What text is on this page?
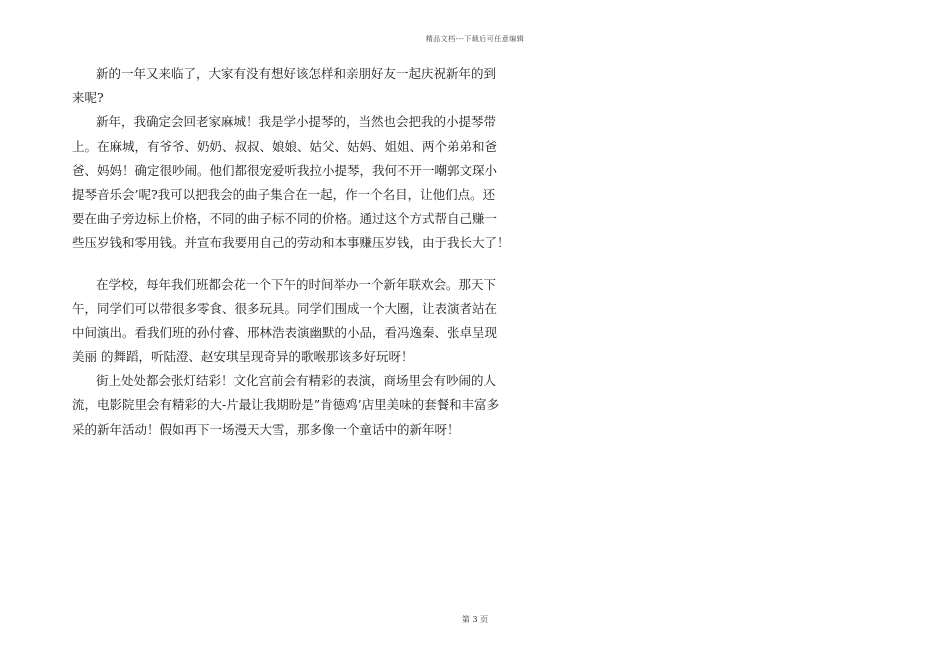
精品文档---下载后可任意编辑
新的一年又来临了，大家有没有想好该怎样和亲朋好友一起庆祝新年的到
来呢?
新年，我确定会回老家麻城！我是学小提琴的，当然也会把我的小提琴带
上。在麻城，有爷爷、奶奶、叔叔、娘娘、姑父、姑妈、姐姐、两个弟弟和爸
爸、妈妈！确定很吵闹。他们都很宠爱听我拉小提琴，我何不开一嘲郭文琛小
提琴音乐会’呢?我可以把我会的曲子集合在一起，作一个名目，让他们点。还
要在曲子旁边标上价格，不同的曲子标不同的价格。通过这个方式帮自己赚一
些压岁钱和零用钱。并宣布我要用自己的劳动和本事赚压岁钱，由于我长大了！
在学校，每年我们班都会花一个下午的时间举办一个新年联欢会。那天下
午，同学们可以带很多零食、很多玩具。同学们围成一个大圈，让表演者站在
中间演出。看我们班的孙付睿、邢林浩表演幽默的小品，看冯逸秦、张卓呈现
美丽 的舞蹈，听陆澄、赵安琪呈现奇异的歌喉那该多好玩呀！
街上处处都会张灯结彩！文化宫前会有精彩的表演，商场里会有吵闹的人
流，电影院里会有精彩的大-片最让我期盼是”肯德鸡’店里美味的套餐和丰富多
采的新年活动！假如再下一场漫天大雪，那多像一个童话中的新年呀！
第 3 页
